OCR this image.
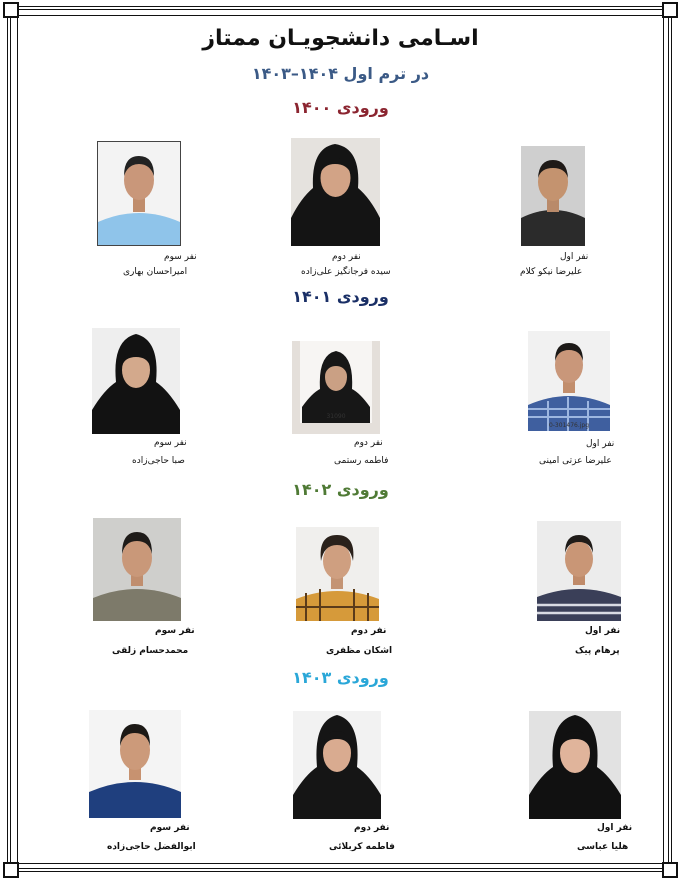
اسـامی دانشجویـان ممتاز
در ترم اول ۱۴۰۴–۱۴۰۳
ورودی ۱۴۰۰
ورودی ۱۴۰۱
ورودی ۱۴۰۲
ورودی ۱۴۰۳
نفر اول
علیرضا نیکو کلام
نفر دوم
سیده فرجانگیز علی‌زاده
نفر سوم
امیراحسان بهاری
0-301476.jpg
نفر اول
علیرضا عزتی امینی
31090
نفر دوم
فاطمه رستمی
نفر سوم
صبا حاجی‌زاده
نفر اول
پرهام پیک
نفر دوم
اشکان مظفری
نفر سوم
محمدحسام زلقی
نفر اول
هلیا عباسی
نفر دوم
فاطمه کربلائی
نفر سوم
ابوالفضل حاجی‌زاده
